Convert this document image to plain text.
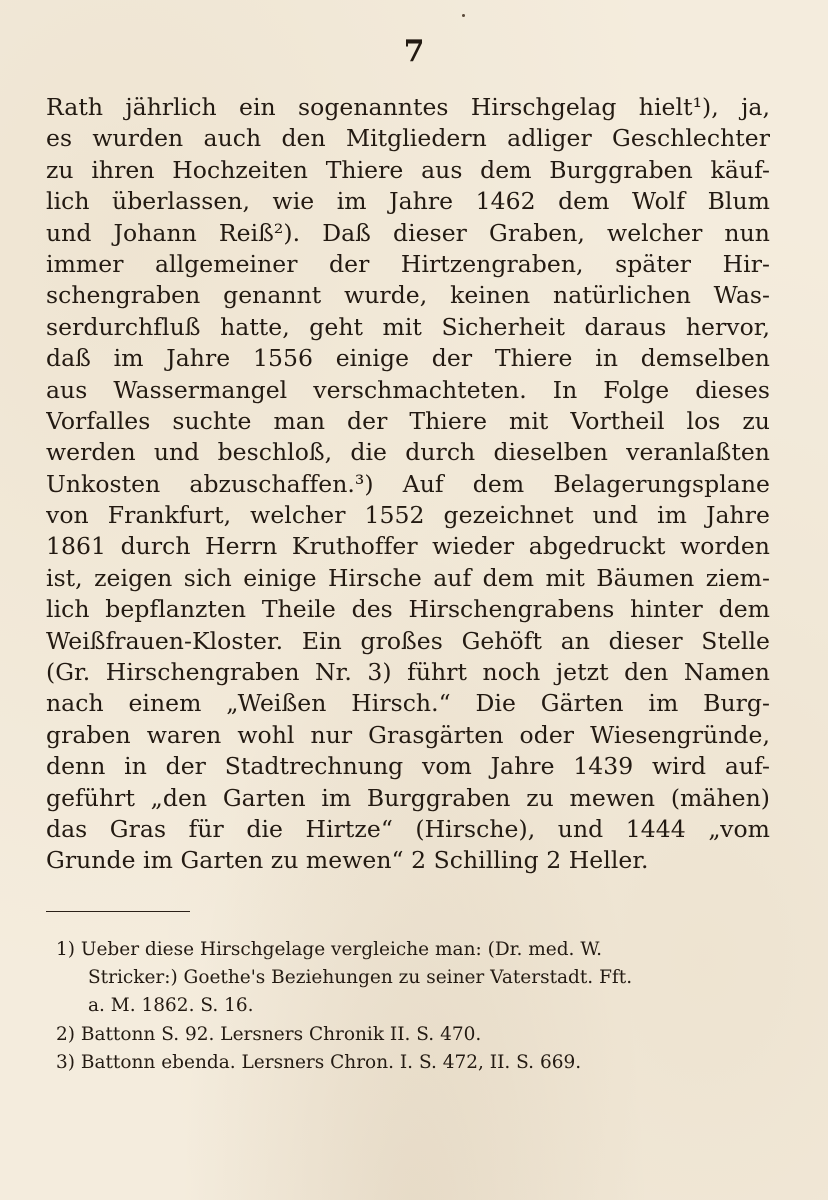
7
Rath jährlich ein sogenanntes Hirschgelag hielt¹), ja,
es wurden auch den Mitgliedern adliger Geschlechter
zu ihren Hochzeiten Thiere aus dem Burggraben käuf-
lich überlassen, wie im Jahre 1462 dem Wolf Blum
und Johann Reiß²). Daß dieser Graben, welcher nun
immer allgemeiner der Hirtzengraben, später Hir-
schengraben genannt wurde, keinen natürlichen Was-
serdurchfluß hatte, geht mit Sicherheit daraus hervor,
daß im Jahre 1556 einige der Thiere in demselben
aus Wassermangel verschmachteten. In Folge dieses
Vorfalles suchte man der Thiere mit Vortheil los zu
werden und beschloß, die durch dieselben veranlaßten
Unkosten abzuschaffen.³) Auf dem Belagerungsplane
von Frankfurt, welcher 1552 gezeichnet und im Jahre
1861 durch Herrn Kruthoffer wieder abgedruckt worden
ist, zeigen sich einige Hirsche auf dem mit Bäumen ziem-
lich bepflanzten Theile des Hirschengrabens hinter dem
Weißfrauen-Kloster. Ein großes Gehöft an dieser Stelle
(Gr. Hirschengraben Nr. 3) führt noch jetzt den Namen
nach einem „Weißen Hirsch.“ Die Gärten im Burg-
graben waren wohl nur Grasgärten oder Wiesengründe,
denn in der Stadtrechnung vom Jahre 1439 wird auf-
geführt „den Garten im Burggraben zu mewen (mähen)
das Gras für die Hirtze“ (Hirsche), und 1444 „vom
Grunde im Garten zu mewen“ 2 Schilling 2 Heller.
1) Ueber diese Hirschgelage vergleiche man: (Dr. med. W.
Stricker:) Goethe's Beziehungen zu seiner Vaterstadt. Fft.
a. M. 1862. S. 16.
2) Battonn S. 92. Lersners Chronik II. S. 470.
3) Battonn ebenda. Lersners Chron. I. S. 472, II. S. 669.
